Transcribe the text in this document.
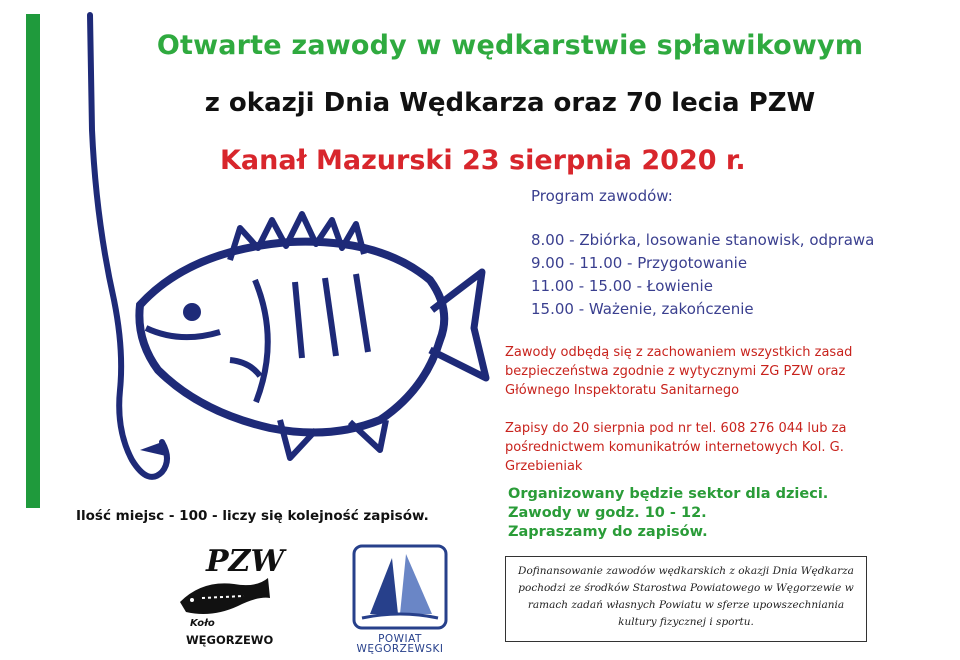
Otwarte zawody w wędkarstwie spławikowym
z okazji Dnia Wędkarza oraz 70 lecia PZW
Kanał Mazurski 23 sierpnia 2020 r.
Program zawodów:
8.00 - Zbiórka, losowanie stanowisk, odprawa
9.00 - 11.00 - Przygotowanie
11.00 - 15.00 - Łowienie
15.00 - Ważenie, zakończenie
Zawody odbędą się z zachowaniem wszystkich zasad bezpieczeństwa zgodnie z wytycznymi ZG PZW oraz Głównego Inspektoratu Sanitarnego
Zapisy do 20 sierpnia pod nr tel. 608 276 044 lub za pośrednictwem komunikatrów internetowych Kol. G. Grzebieniak
Organizowany będzie sektor dla dzieci.
Zawody w godz. 10 - 12.
Zapraszamy do zapisów.
Ilość miejsc - 100 - liczy się kolejność zapisów.
Dofinansowanie zawodów wędkarskich z okazji Dnia Wędkarza pochodzi ze środków Starostwa Powiatowego w Węgorzewie w ramach zadań własnych Powiatu w sferze upowszechniania kultury fizycznej i sportu.
PZW
Koło
WĘGORZEWO	POWIAT WĘGORZEWSKI
